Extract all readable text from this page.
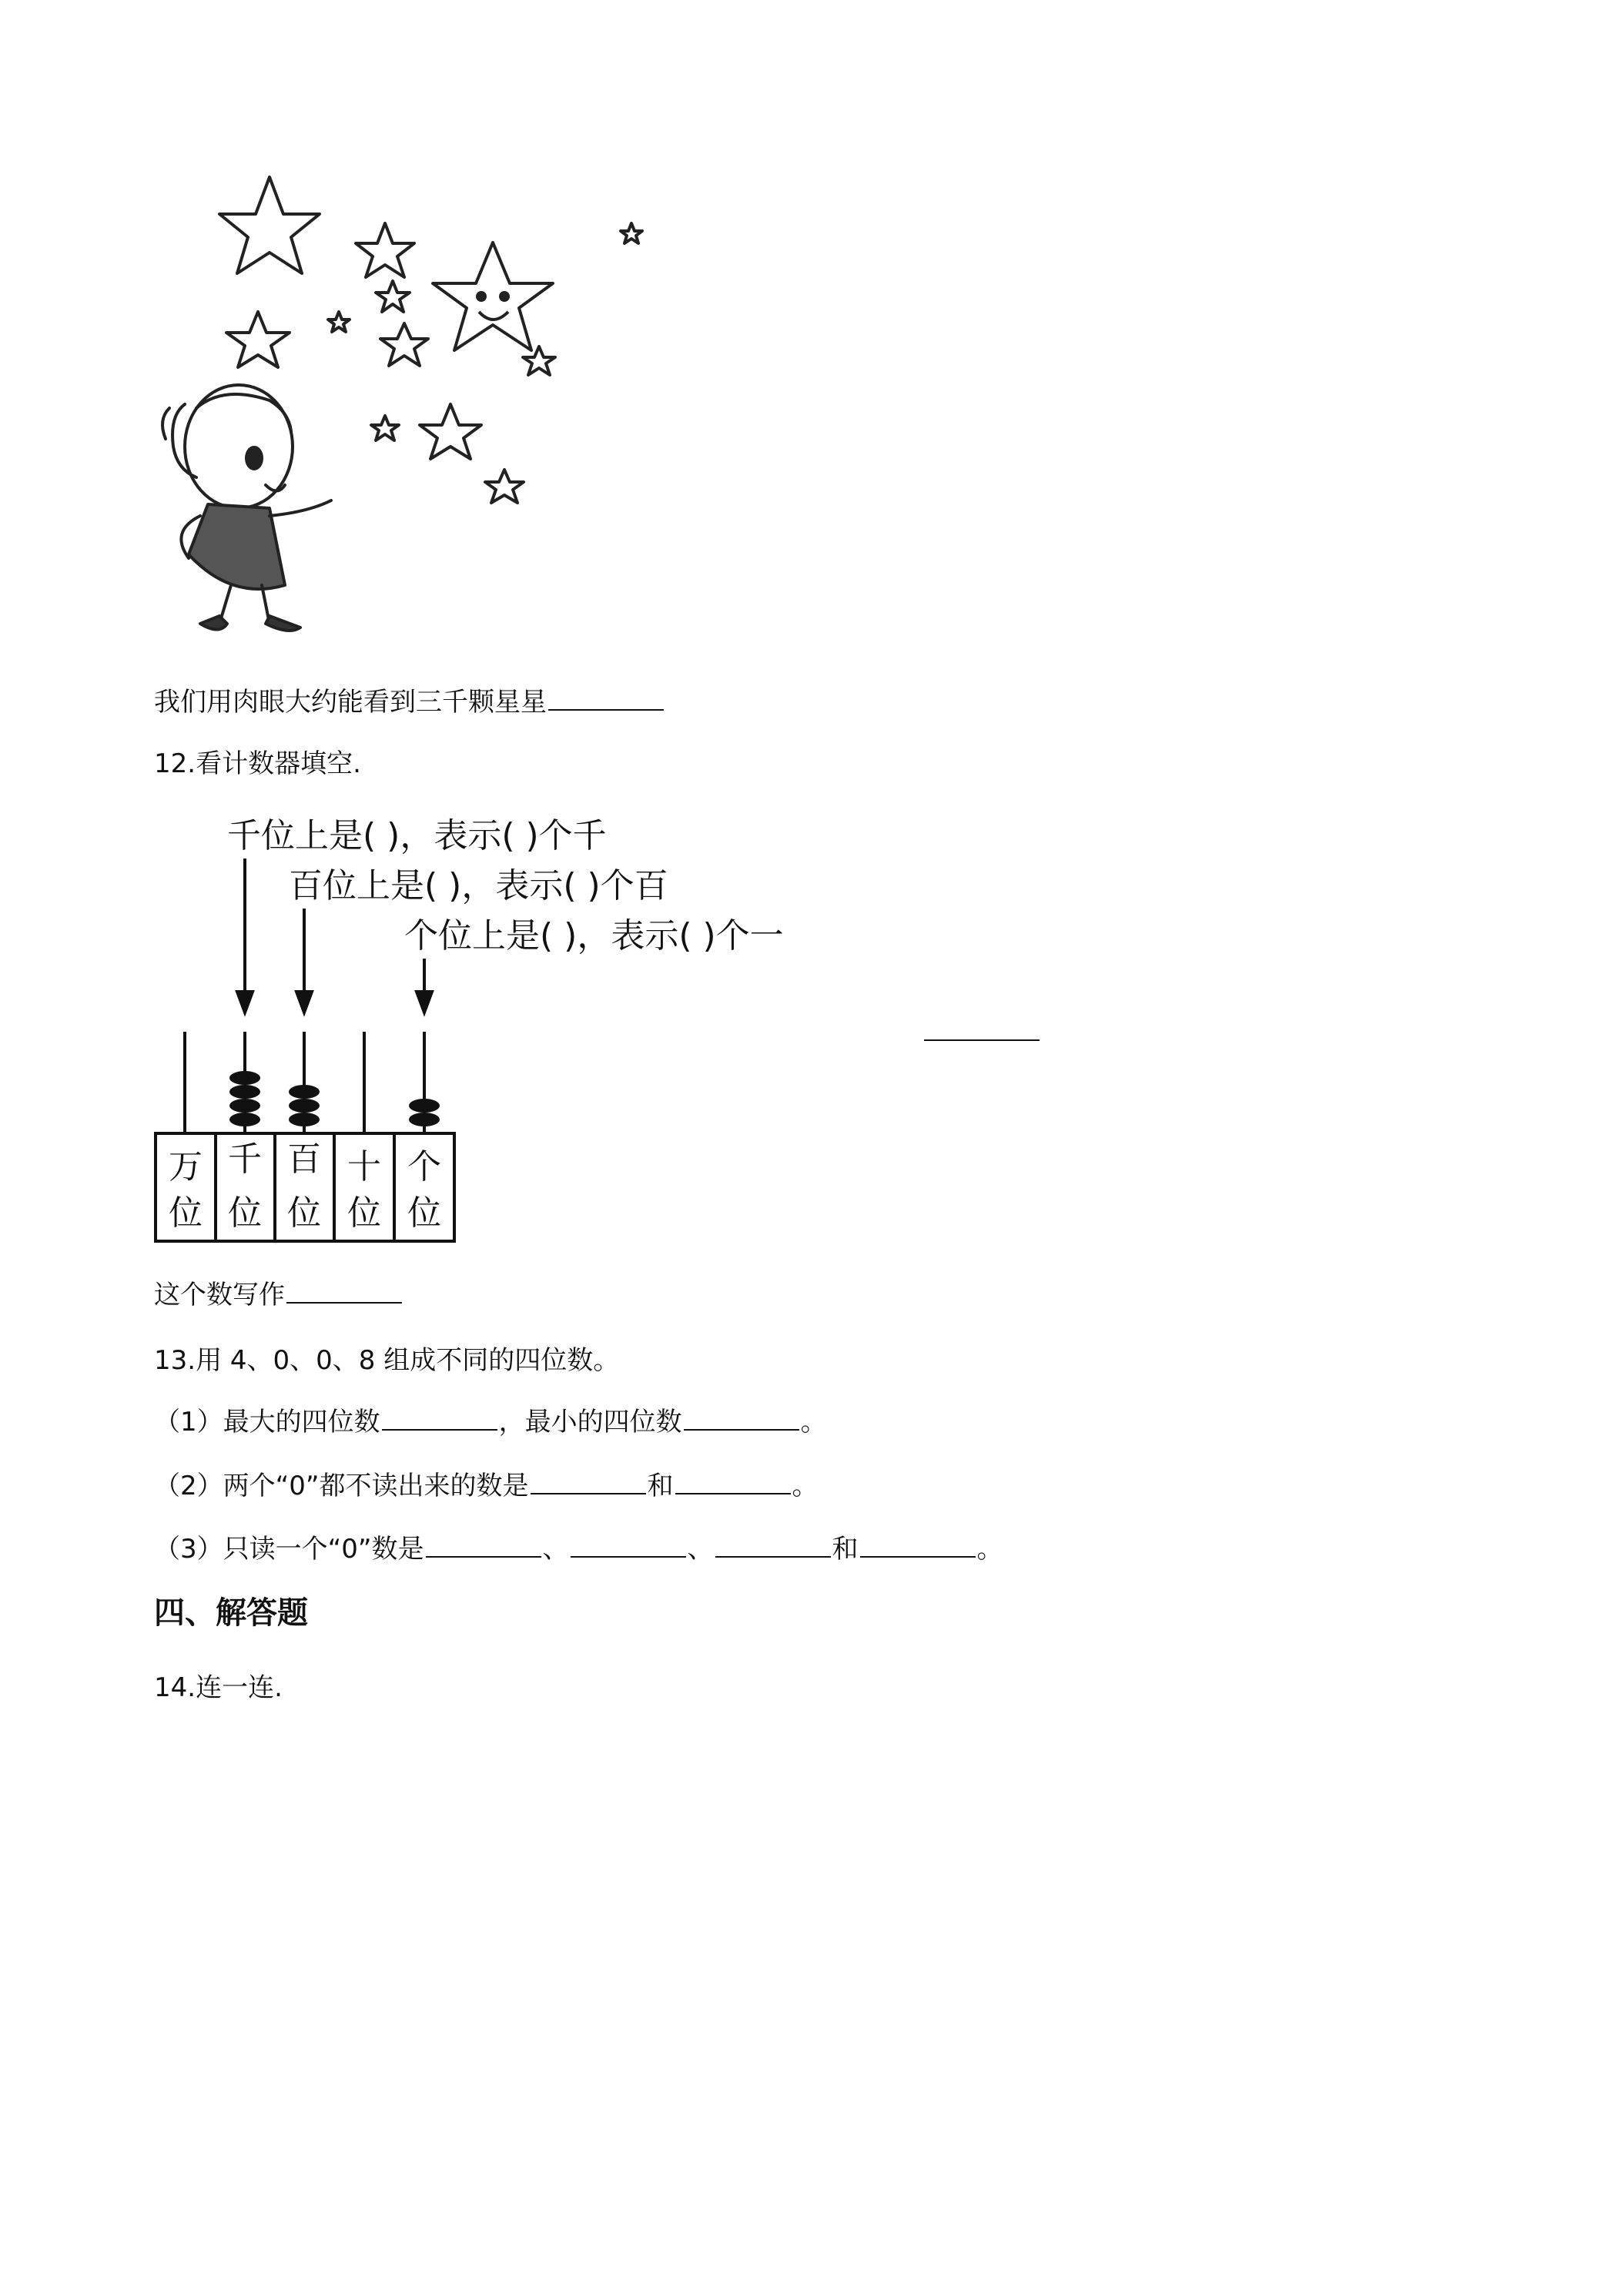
我们用肉眼大约能看到三千颗星星
12.看计数器填空.
千位上是( )，表示( )个千
百位上是( )，表示( )个百
个位上是( )，表示( )个一
万
位
千
位
百
位
十
位
个
位
这个数写作
13.用 4、0、0、8 组成不同的四位数。
（1）最大的四位数	，最小的四位数	。
（2）两个“0”都不读出来的数是	和	。
（3）只读一个“0”数是	、	、	和	。
四、解答题
14.连一连.
